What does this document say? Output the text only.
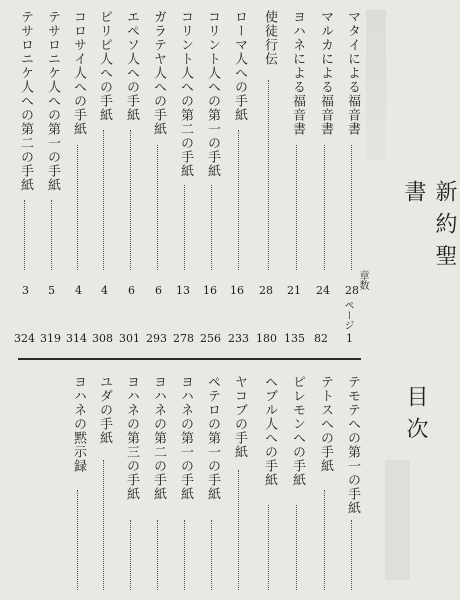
新約聖書
目次
章数
ページ
マタイによる福音書
マルカによる福音書
ヨハネによる福音書
使徒行伝
ローマ人への手紙
コリント人への第一の手紙
コリント人への第二の手紙
ガラテヤ人への手紙
エペソ人への手紙
ピリピ人への手紙
コロサイ人への手紙
テサロニケ人への第一の手紙
テサロニケ人への第二の手紙
28
24
21
28
16
16
13
6
6
4
4
5
3
1
82
135
180
233
256
278
293
301
308
314
319
324
テモテへの第一の手紙
テトスへの手紙
ピレモンへの手紙
ヘブル人への手紙
ヤコブの手紙
ペテロの第一の手紙
ヨハネの第一の手紙
ヨハネの第二の手紙
ヨハネの第三の手紙
ユダの手紙
ヨハネの黙示録
